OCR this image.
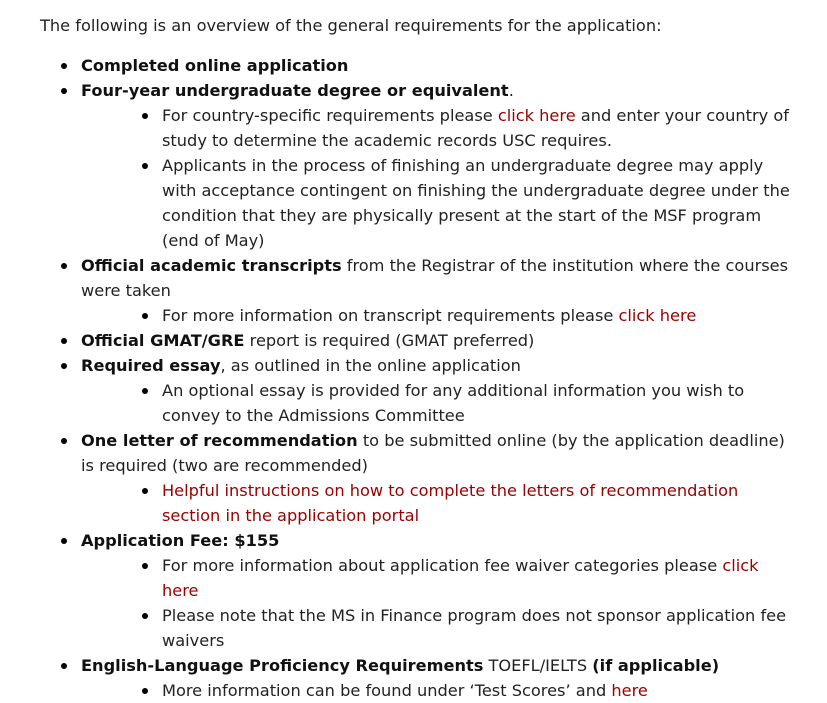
The following is an overview of the general requirements for the application:

Completed online application
Four-year undergraduate degree or equivalent.
For country-specific requirements please click here and enter your country of study to determine the academic records USC requires.
Applicants in the process of finishing an undergraduate degree may apply with acceptance contingent on finishing the undergraduate degree under the condition that they are physically present at the start of the MSF program (end of May)
Official academic transcripts from the Registrar of the institution where the courses were taken
For more information on transcript requirements please click here
Official GMAT/GRE report is required (GMAT preferred)
Required essay, as outlined in the online application
An optional essay is provided for any additional information you wish to convey to the Admissions Committee
One letter of recommendation to be submitted online (by the application deadline) is required (two are recommended)
Helpful instructions on how to complete the letters of recommendation section in the application portal
Application Fee: $155
For more information about application fee waiver categories please click here
Please note that the MS in Finance program does not sponsor application fee waivers
English-Language Proficiency Requirements TOEFL/IELTS (if applicable)
More information can be found under ‘Test Scores’ and here
